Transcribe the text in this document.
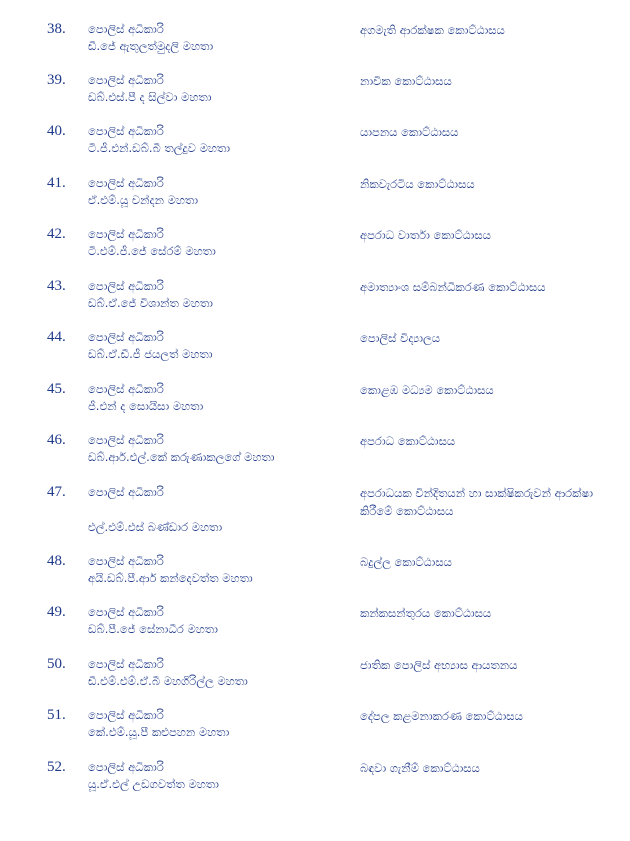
38. පොලිස් අධිකාරි
ඩී.ජේ ඇතුලත්මුදලි මහතා
අගමැති ආරක්ෂක කොට්ඨාසය
39. පොලිස් අධිකාරි
ඩබ්.එස්.පී ද සිල්වා මහතා
නාවික කොට්ඨාසය
40. පොලිස් අධිකාරි
ටී.ජී.එන්.ඩබ්.බී තල්දුව මහතා
යාපනය කොට්ඨාසය
41. පොලිස් අධිකාරි
ඒ.එම්.යූ චන්දන මහතා
නිකවැරටිය කොට්ඨාසය
42. පොලිස් අධිකාරි
ටී.එම්.ජී.ජේ සේරම් මහතා
අපරාධ වාර්තා කොට්ඨාසය
43. පොලිස් අධිකාරි
ඩබ්.ඒ.ජේ විශාන්ත මහතා
අමාත්‍යාංශ සම්බන්ධීකරණ කොට්ඨාසය
44. පොලිස් අධිකාරි
ඩබ්.ඒ.ඩී.ජී ජයලත් මහතා
පොලිස් විද්‍යාලය
45. පොලිස් අධිකාරි
ජී.එන් ද සොයිසා මහතා
කොළඹ මධ්‍යම කොට්ඨාසය
46. පොලිස් අධිකාරි
ඩබ්.ආර්.එල්.කේ කරුණාකලගේ මහතා
අපරාධ කොට්ඨාසය
47. පොලිස් අධිකාරි
එල්.එම්.එස් බණ්ඩාර මහතා
අපරාධයක වින්දිතයන් හා සාක්ෂිකරුවන් ආරක්ෂා කිරීමේ කොට්ඨාසය
48. පොලිස් අධිකාරි
අයි.ඩබ්.පී.ආර් කන්දෙවත්ත මහතා
බදුල්ල කොට්ඨාසය
49. පොලිස් අධිකාරි
ඩබ්.පී.ජේ සේනාධීර මහතා
කන්කසන්තුරය කොට්ඨාසය
50. පොලිස් අධිකාරි
ඩී.එම්.එම්.ඒ.බී මහගිරිල්ල මහතා
ජාතික පොලිස් අභ්‍යාස ආයතනය
51. පොලිස් අධිකාරි
කේ.එම්.යූ.පී කළුපහන මහතා
දේපල කළමනාකරණ කොට්ඨාසය
52. පොලිස් අධිකාරි
යූ.ඒ.එල් උඩගවත්ත මහතා
බඳවා ගැනීම් කොට්ඨාසය
